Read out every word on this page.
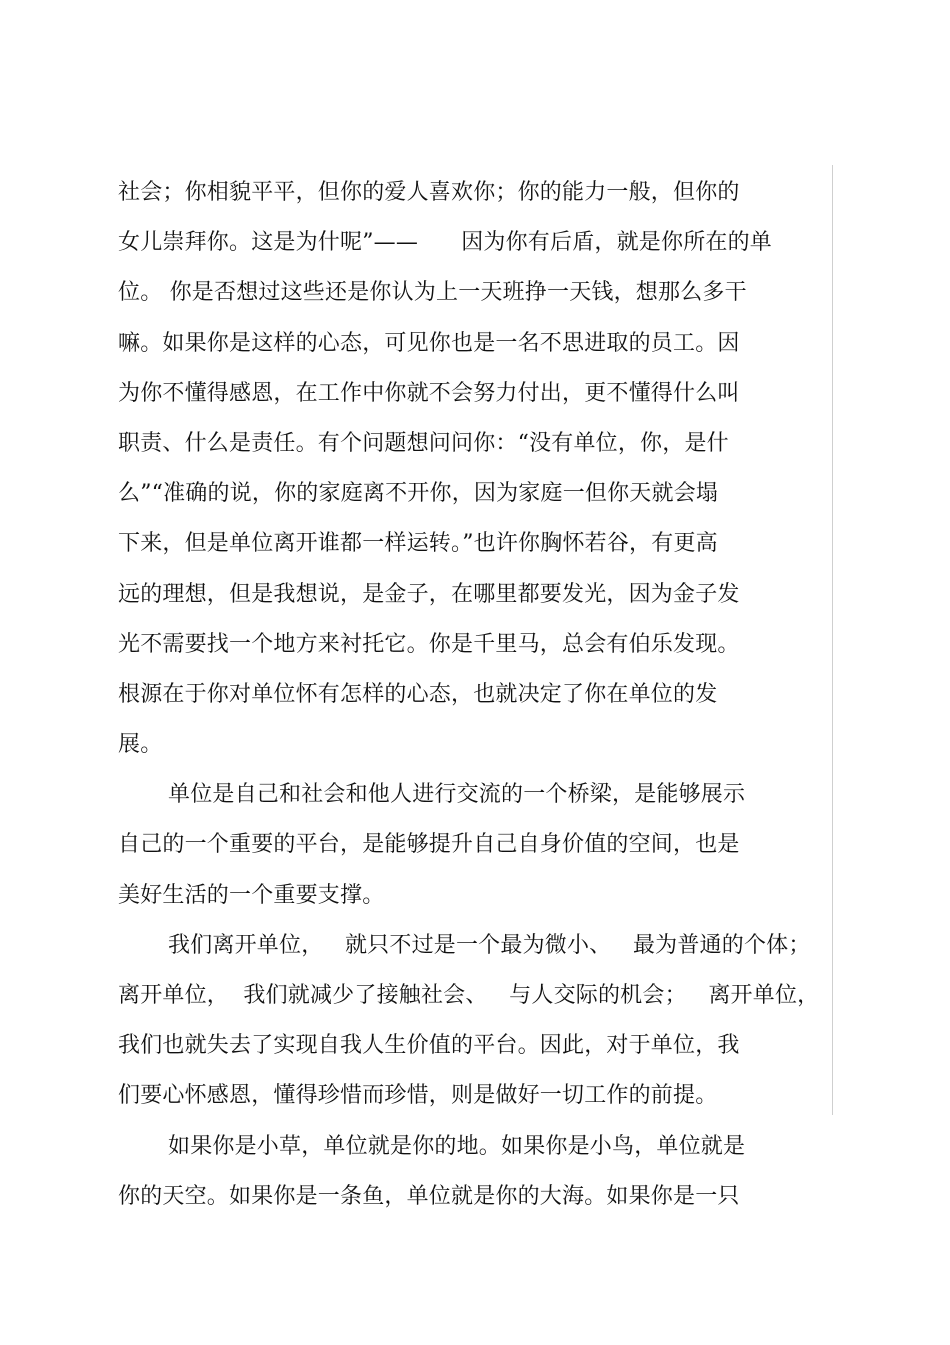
社会；你相貌平平，但你的爱人喜欢你；你的能力一般，但你的
女儿崇拜你。这是为什呢”——      因为你有后盾，就是你所在的单
位。 你是否想过这些还是你认为上一天班挣一天钱，想那么多干
嘛。如果你是这样的心态，可见你也是一名不思进取的员工。因
为你不懂得感恩，在工作中你就不会努力付出，更不懂得什么叫
职责、什么是责任。有个问题想问问你：“没有单位，你，是什
么”“准确的说，你的家庭离不开你，因为家庭一但你天就会塌
下来，但是单位离开谁都一样运转。”也许你胸怀若谷，有更高
远的理想，但是我想说，是金子，在哪里都要发光，因为金子发
光不需要找一个地方来衬托它。你是千里马，总会有伯乐发现。
根源在于你对单位怀有怎样的心态，也就决定了你在单位的发
展。
单位是自己和社会和他人进行交流的一个桥梁，是能够展示
自己的一个重要的平台，是能够提升自己自身价值的空间，也是
美好生活的一个重要支撑。
我们离开单位，   就只不过是一个最为微小、   最为普通的个体；
离开单位，  我们就减少了接触社会、   与人交际的机会；   离开单位，
我们也就失去了实现自我人生价值的平台。因此，对于单位，我
们要心怀感恩，懂得珍惜而珍惜，则是做好一切工作的前提。
如果你是小草，单位就是你的地。如果你是小鸟，单位就是
你的天空。如果你是一条鱼，单位就是你的大海。如果你是一只
